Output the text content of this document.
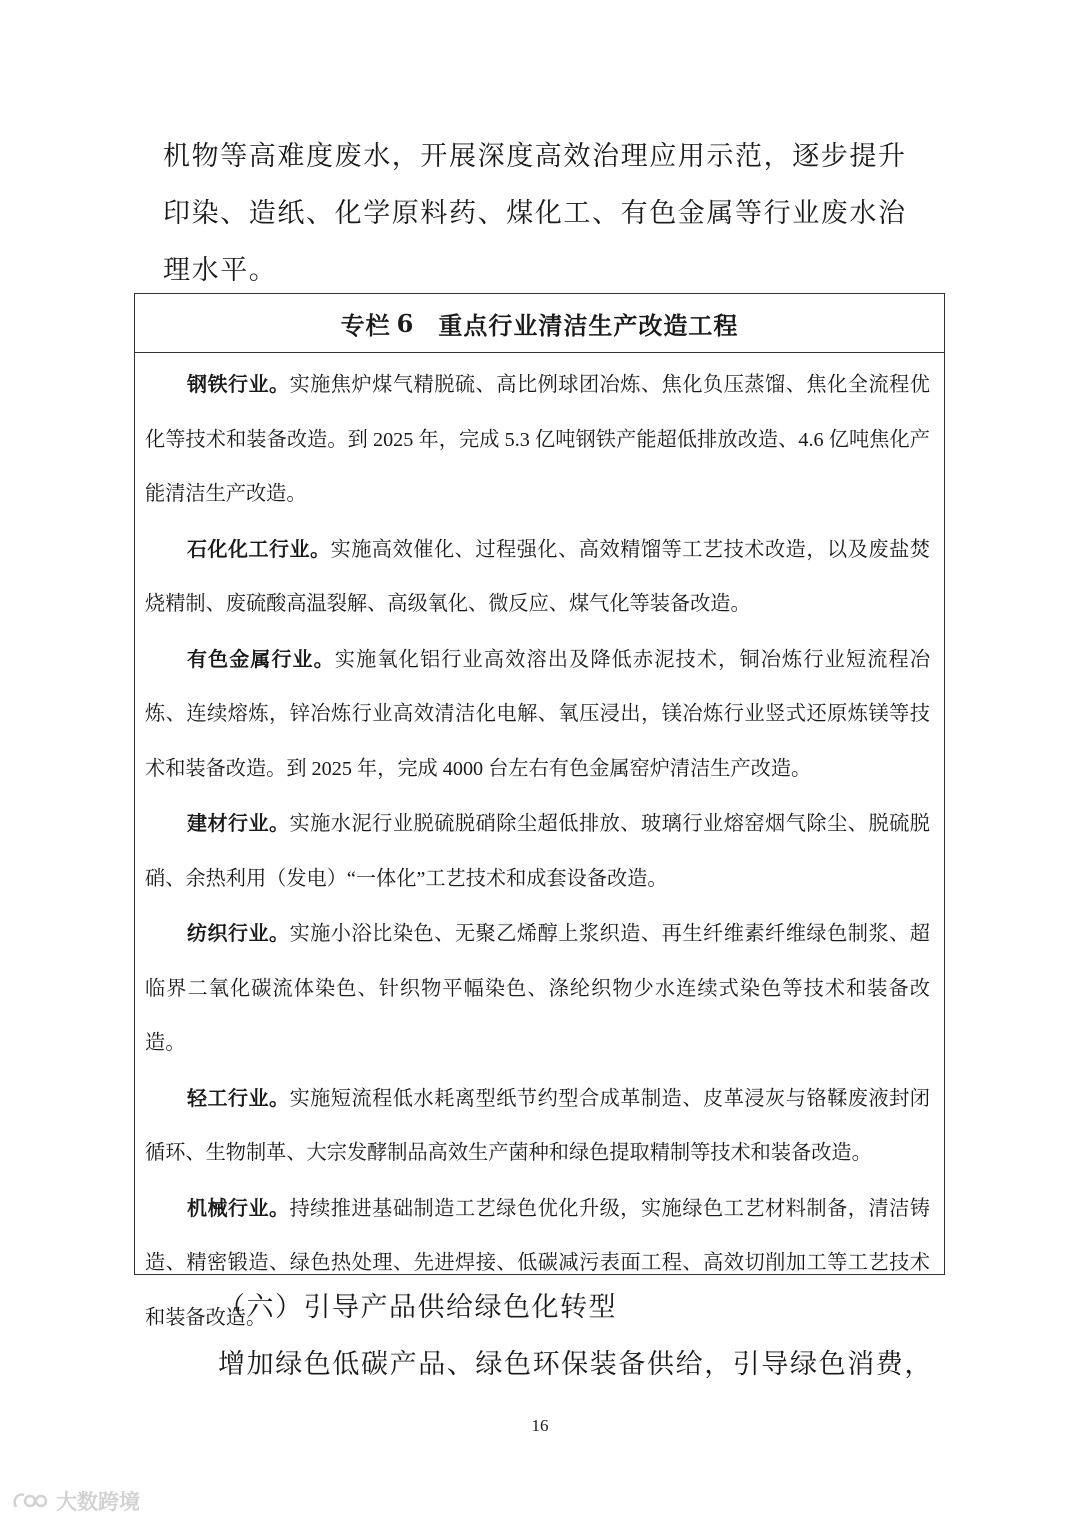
机物等高难度废水，开展深度高效治理应用示范，逐步提升印染、造纸、化学原料药、煤化工、有色金属等行业废水治理水平。

专栏 6 重点行业清洁生产改造工程

钢铁行业。实施焦炉煤气精脱硫、高比例球团冶炼、焦化负压蒸馏、焦化全流程优化等技术和装备改造。到 2025 年，完成 5.3 亿吨钢铁产能超低排放改造、4.6 亿吨焦化产能清洁生产改造。

石化化工行业。实施高效催化、过程强化、高效精馏等工艺技术改造，以及废盐焚烧精制、废硫酸高温裂解、高级氧化、微反应、煤气化等装备改造。

有色金属行业。实施氧化铝行业高效溶出及降低赤泥技术，铜冶炼行业短流程冶炼、连续熔炼，锌冶炼行业高效清洁化电解、氧压浸出，镁冶炼行业竖式还原炼镁等技术和装备改造。到 2025 年，完成 4000 台左右有色金属窑炉清洁生产改造。

建材行业。实施水泥行业脱硫脱硝除尘超低排放、玻璃行业熔窑烟气除尘、脱硫脱硝、余热利用（发电）“一体化”工艺技术和成套设备改造。

纺织行业。实施小浴比染色、无聚乙烯醇上浆织造、再生纤维素纤维绿色制浆、超临界二氧化碳流体染色、针织物平幅染色、涤纶织物少水连续式染色等技术和装备改造。

轻工行业。实施短流程低水耗离型纸节约型合成革制造、皮革浸灰与铬鞣废液封闭循环、生物制革、大宗发酵制品高效生产菌种和绿色提取精制等技术和装备改造。

机械行业。持续推进基础制造工艺绿色优化升级，实施绿色工艺材料制备，清洁铸造、精密锻造、绿色热处理、先进焊接、低碳减污表面工程、高效切削加工等工艺技术和装备改造。

（六）引导产品供给绿色化转型

增加绿色低碳产品、绿色环保装备供给，引导绿色消费，

16
大数跨境
